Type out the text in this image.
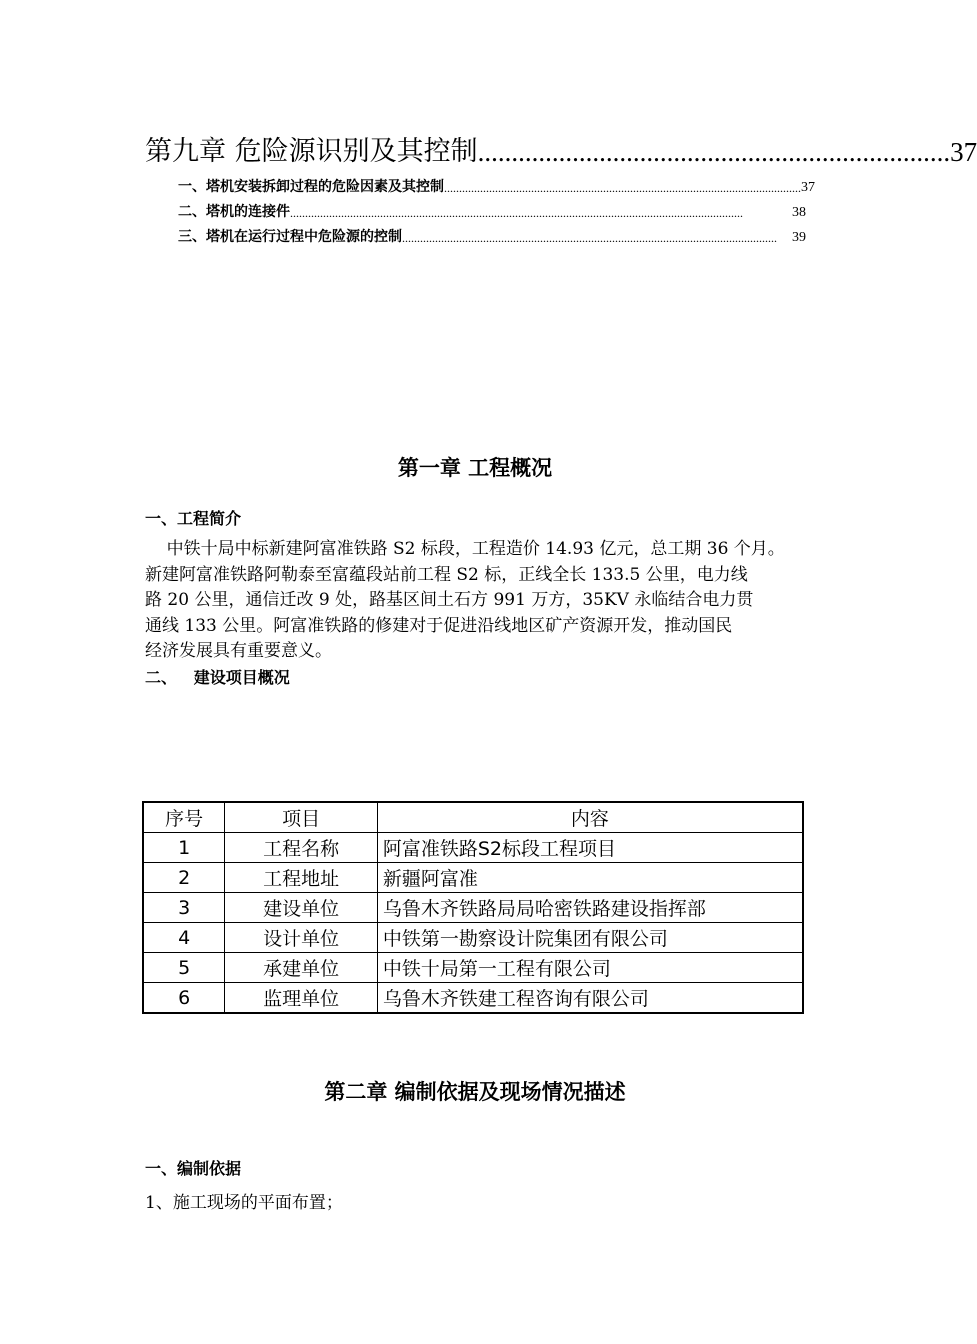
第九章 危险源识别及其控制 ...................................................................... 37
一、塔机安装拆卸过程的危险因素及其控制 ....................................................................................................................... 37
二、塔机的连接件 .......................................................................................................................................................	38
三、塔机在运行过程中危险源的控制 .............................................................................................................................	39
第一章 工程概况
一、工程简介
中铁十局中标新建阿富准铁路 S2 标段，工程造价 14.93 亿元，总工期 36 个月。
新建阿富准铁路阿勒泰至富蕴段站前工程 S2 标，正线全长 133.5 公里，电力线
路 20 公里，通信迁改 9 处，路基区间土石方 991 万方，35KV 永临结合电力贯
通线 133 公里。阿富准铁路的修建对于促进沿线地区矿产资源开发，推动国民
经济发展具有重要意义。
二、   建设项目概况
序号	项目	内容
1	工程名称	阿富准铁路S2标段工程项目
2	工程地址	新疆阿富准
3	建设单位	乌鲁木齐铁路局局哈密铁路建设指挥部
4	设计单位	中铁第一勘察设计院集团有限公司
5	承建单位	中铁十局第一工程有限公司
6	监理单位	乌鲁木齐铁建工程咨询有限公司
第二章 编制依据及现场情况描述
一、编制依据
1、施工现场的平面布置；
